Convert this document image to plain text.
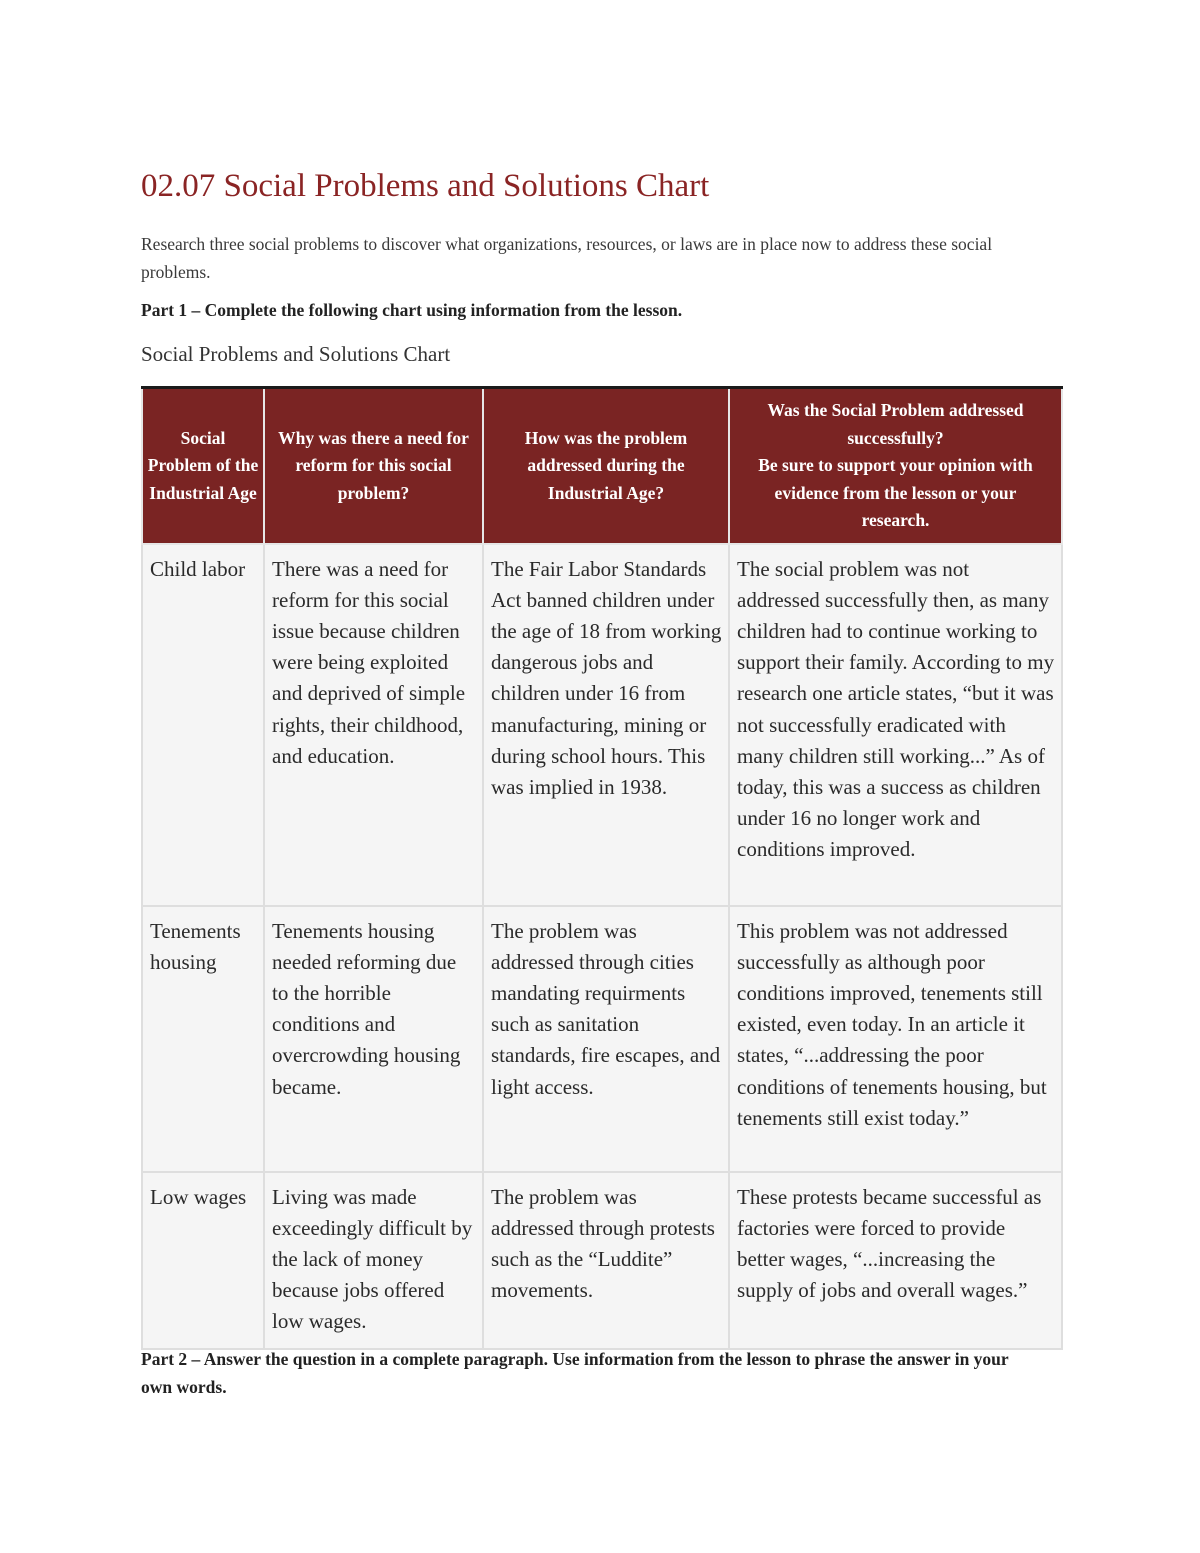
02.07 Social Problems and Solutions Chart

Research three social problems to discover what organizations, resources, or laws are in place now to address these social problems.

Part 1 – Complete the following chart using information from the lesson.

Social Problems and Solutions Chart

Social Problem of the Industrial Age	Why was there a need for reform for this social problem?	How was the problem addressed during the Industrial Age?	Was the Social Problem addressed successfully?
Be sure to support your opinion with evidence from the lesson or your research.
Child labor	There was a need for reform for this social issue because children were being exploited and deprived of simple rights, their childhood, and education.	The Fair Labor Standards Act banned children under the age of 18 from working dangerous jobs and children under 16 from manufacturing, mining or during school hours. This was implied in 1938.	The social problem was not addressed successfully then, as many children had to continue working to support their family. According to my research one article states, “but it was not successfully eradicated with many children still working...” As of today, this was a success as children under 16 no longer work and conditions improved.
Tenements housing	Tenements housing needed reforming due to the horrible conditions and overcrowding housing became.	The problem was addressed through cities mandating requirments such as sanitation standards, fire escapes, and light access.	This problem was not addressed successfully as although poor conditions improved, tenements still existed, even today. In an article it states, “...addressing the poor conditions of tenements housing, but tenements still exist today.”
Low wages	Living was made exceedingly difficult by the lack of money because jobs offered low wages.	The problem was addressed through protests such as the “Luddite” movements.	These protests became successful as factories were forced to provide better wages, “...increasing the supply of jobs and overall wages.”

Part 2 – Answer the question in a complete paragraph. Use information from the lesson to phrase the answer in your own words.
